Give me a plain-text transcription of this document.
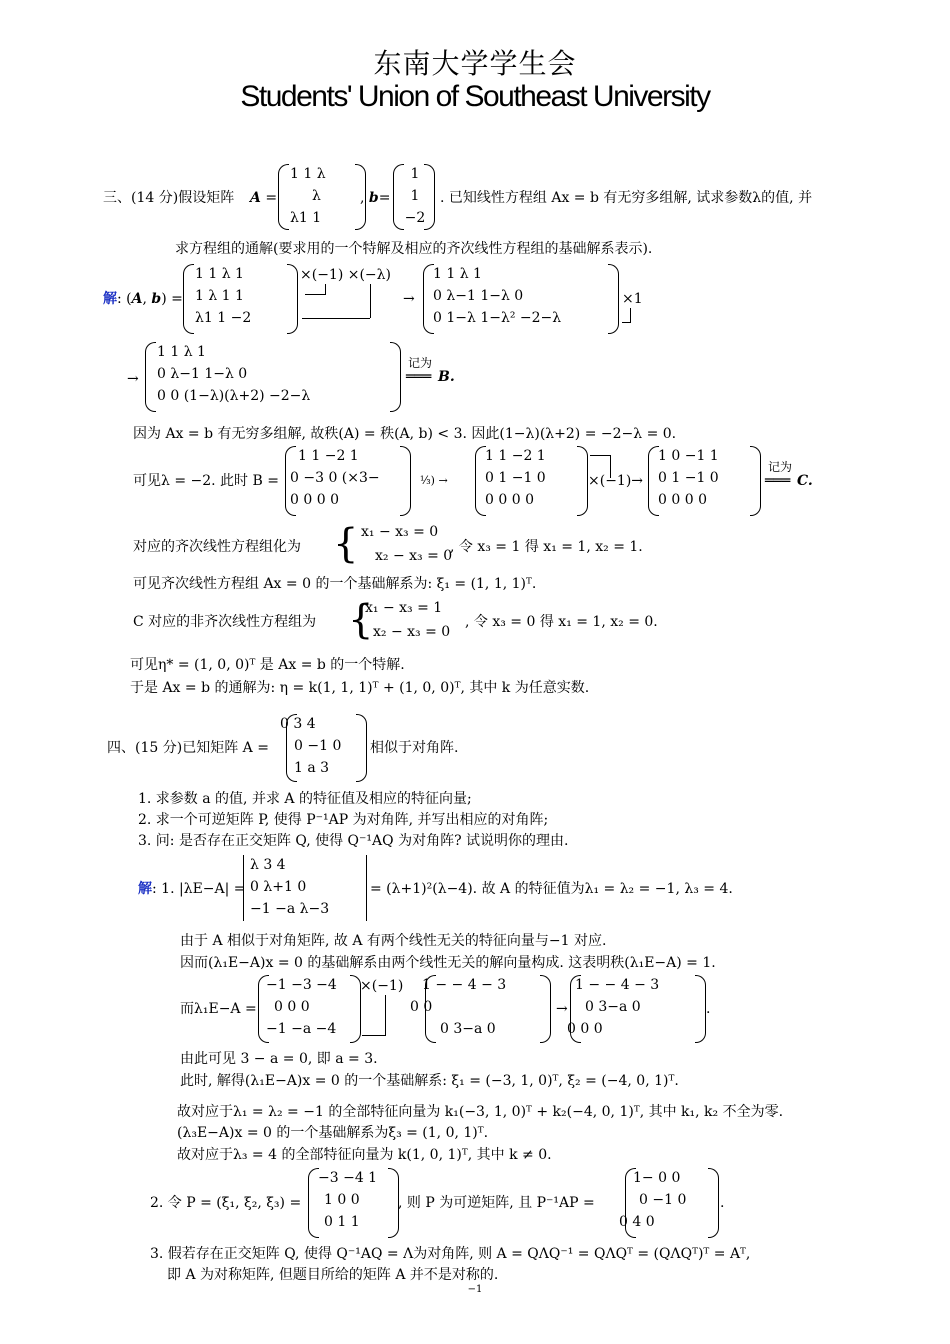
东南大学学生会
Students' Union of Southeast University
三、(14 分)假设矩阵
1 1 λ
λ
λ1 1
A =	, b=
1
1
−2
. 已知线性方程组 Ax = b 有无穷多组解, 试求参数λ的值, 并
求方程组的通解(要求用的一个特解及相应的齐次线性方程组的基础解系表示).
解: (A, b) =
1 1 λ 1
1 λ 1 1
λ1 1 −2
×(−1) ×(−λ)
→
1 1 λ 1
0 λ−1 1−λ 0
0 1−λ 1−λ² −2−λ
×1
→
1 1 λ 1
0 λ−1 1−λ 0
0 0 (1−λ)(λ+2) −2−λ
记为
═══ B.
因为 Ax = b 有无穷多组解, 故秩(A) = 秩(A, b) < 3. 因此(1−λ)(λ+2) = −2−λ = 0.
可见λ = −2. 此时 B =
1 1 −2 1
0 −3 0 (×3−
0 0 0 0
⅓) →
1 1 −2 1
0 1 −1 0
0 0 0 0
×(−1)→
1 0 −1 1
0 1 −1 0
0 0 0 0
记为
═══ C.
对应的齐次线性方程组化为 { x₁ − x₃ = 0
x₂ − x₃ = 0
, 令 x₃ = 1 得 x₁ = 1, x₂ = 1.
可见齐次线性方程组 Ax = 0 的一个基础解系为: ξ₁ = (1, 1, 1)ᵀ.
C 对应的非齐次线性方程组为 {
x₁ − x₃ = 1
x₂ − x₃ = 0
, 令 x₃ = 0 得 x₁ = 1, x₂ = 0.
可见η* = (1, 0, 0)ᵀ 是 Ax = b 的一个特解.
于是 Ax = b 的通解为: η = k(1, 1, 1)ᵀ + (1, 0, 0)ᵀ, 其中 k 为任意实数.
四、(15 分)已知矩阵 A =
0 3 4
0 −1 0
1 a 3
相似于对角阵.
1. 求参数 a 的值, 并求 A 的特征值及相应的特征向量;
2. 求一个可逆矩阵 P, 使得 P⁻¹AP 为对角阵, 并写出相应的对角阵;
3. 问: 是否存在正交矩阵 Q, 使得 Q⁻¹AQ 为对角阵? 试说明你的理由.
解: 1. |λE−A| =
λ 3 4
0 λ+1 0
−1 −a λ−3
= (λ+1)²(λ−4). 故 A 的特征值为λ₁ = λ₂ = −1, λ₃ = 4.
由于 A 相似于对角矩阵, 故 A 有两个线性无关的特征向量与−1 对应.
因而(λ₁E−A)x = 0 的基础解系由两个线性无关的解向量构成. 这表明秩(λ₁E−A) = 1.
而λ₁E−A =
−1 −3 −4
0 0 0
−1 −a −4
×(−1) 1 − − 4 − 3
0 0
0 3−a 0
→
1 − − 4 − 3
0 3−a 0
0 0 0
.
由此可见 3 − a = 0, 即 a = 3.
此时, 解得(λ₁E−A)x = 0 的一个基础解系: ξ₁ = (−3, 1, 0)ᵀ, ξ₂ = (−4, 0, 1)ᵀ.
故对应于λ₁ = λ₂ = −1 的全部特征向量为 k₁(−3, 1, 0)ᵀ + k₂(−4, 0, 1)ᵀ, 其中 k₁, k₂ 不全为零.
(λ₃E−A)x = 0 的一个基础解系为ξ₃ = (1, 0, 1)ᵀ.
故对应于λ₃ = 4 的全部特征向量为 k(1, 0, 1)ᵀ, 其中 k ≠ 0.
2. 令 P = (ξ₁, ξ₂, ξ₃) =
−3 −4 1
1 0 0
0 1 1
, 则 P 为可逆矩阵, 且 P⁻¹AP =
1− 0 0
0 −1 0
0 4 0
.
3. 假若存在正交矩阵 Q, 使得 Q⁻¹AQ = Λ为对角阵, 则 A = QΛQ⁻¹ = QΛQᵀ = (QΛQᵀ)ᵀ = Aᵀ,
即 A 为对称矩阵, 但题目所给的矩阵 A 并不是对称的.
−1
